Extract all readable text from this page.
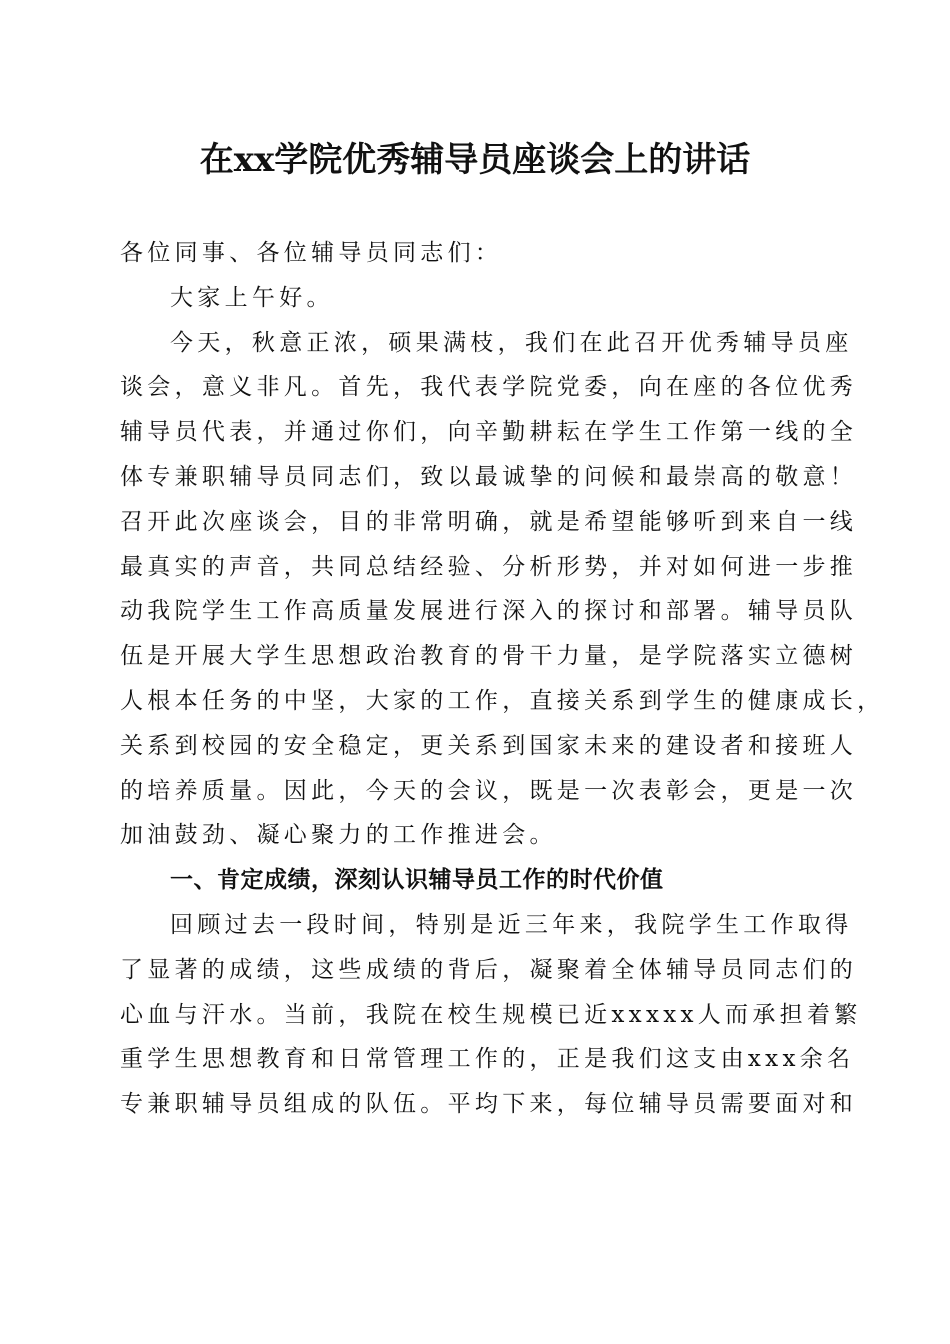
在xx学院优秀辅导员座谈会上的讲话
各位同事、各位辅导员同志们：
大家上午好。
今天，秋意正浓，硕果满枝，我们在此召开优秀辅导员座
谈会，意义非凡。首先，我代表学院党委，向在座的各位优秀
辅导员代表，并通过你们，向辛勤耕耘在学生工作第一线的全
体专兼职辅导员同志们，致以最诚挚的问候和最崇高的敬意！
召开此次座谈会，目的非常明确，就是希望能够听到来自一线
最真实的声音，共同总结经验、分析形势，并对如何进一步推
动我院学生工作高质量发展进行深入的探讨和部署。辅导员队
伍是开展大学生思想政治教育的骨干力量，是学院落实立德树
人根本任务的中坚，大家的工作，直接关系到学生的健康成长，
关系到校园的安全稳定，更关系到国家未来的建设者和接班人
的培养质量。因此，今天的会议，既是一次表彰会，更是一次
加油鼓劲、凝心聚力的工作推进会。
一、肯定成绩，深刻认识辅导员工作的时代价值
回顾过去一段时间，特别是近三年来，我院学生工作取得
了显著的成绩，这些成绩的背后，凝聚着全体辅导员同志们的
心血与汗水。当前，我院在校生规模已近xxxxx人而承担着繁
重学生思想教育和日常管理工作的，正是我们这支由xxx余名
专兼职辅导员组成的队伍。平均下来，每位辅导员需要面对和
